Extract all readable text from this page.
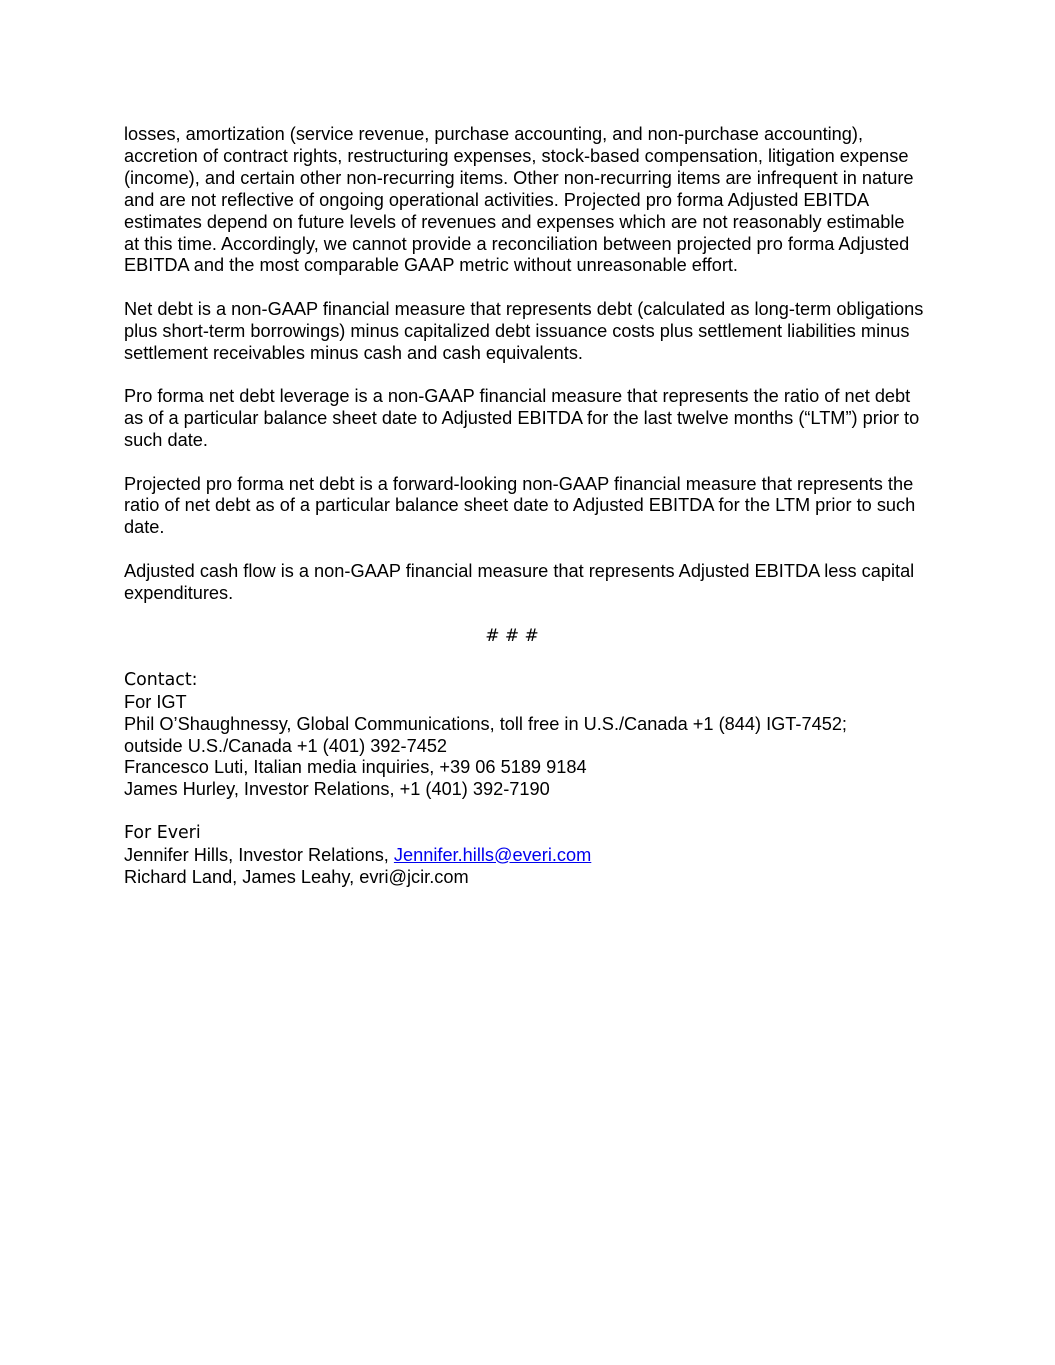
losses, amortization (service revenue, purchase accounting, and non-purchase accounting), accretion of contract rights, restructuring expenses, stock-based compensation, litigation expense (income), and certain other non-recurring items. Other non-recurring items are infrequent in nature and are not reflective of ongoing operational activities. Projected pro forma Adjusted EBITDA estimates depend on future levels of revenues and expenses which are not reasonably estimable at this time. Accordingly, we cannot provide a reconciliation between projected pro forma Adjusted EBITDA and the most comparable GAAP metric without unreasonable effort.

Net debt is a non-GAAP financial measure that represents debt (calculated as long-term obligations plus short-term borrowings) minus capitalized debt issuance costs plus settlement liabilities minus settlement receivables minus cash and cash equivalents.

Pro forma net debt leverage is a non-GAAP financial measure that represents the ratio of net debt as of a particular balance sheet date to Adjusted EBITDA for the last twelve months (“LTM”) prior to such date.

Projected pro forma net debt is a forward-looking non-GAAP financial measure that represents the ratio of net debt as of a particular balance sheet date to Adjusted EBITDA for the LTM prior to such date.

Adjusted cash flow is a non-GAAP financial measure that represents Adjusted EBITDA less capital expenditures.

# # #
Contact:
For IGT
Phil O’Shaughnessy, Global Communications, toll free in U.S./Canada +1 (844) IGT-7452;
outside U.S./Canada +1 (401) 392-7452
Francesco Luti, Italian media inquiries, +39 06 5189 9184
James Hurley, Investor Relations, +1 (401) 392-7190
For Everi
Jennifer Hills, Investor Relations, Jennifer.hills@everi.com
Richard Land, James Leahy, evri@jcir.com
